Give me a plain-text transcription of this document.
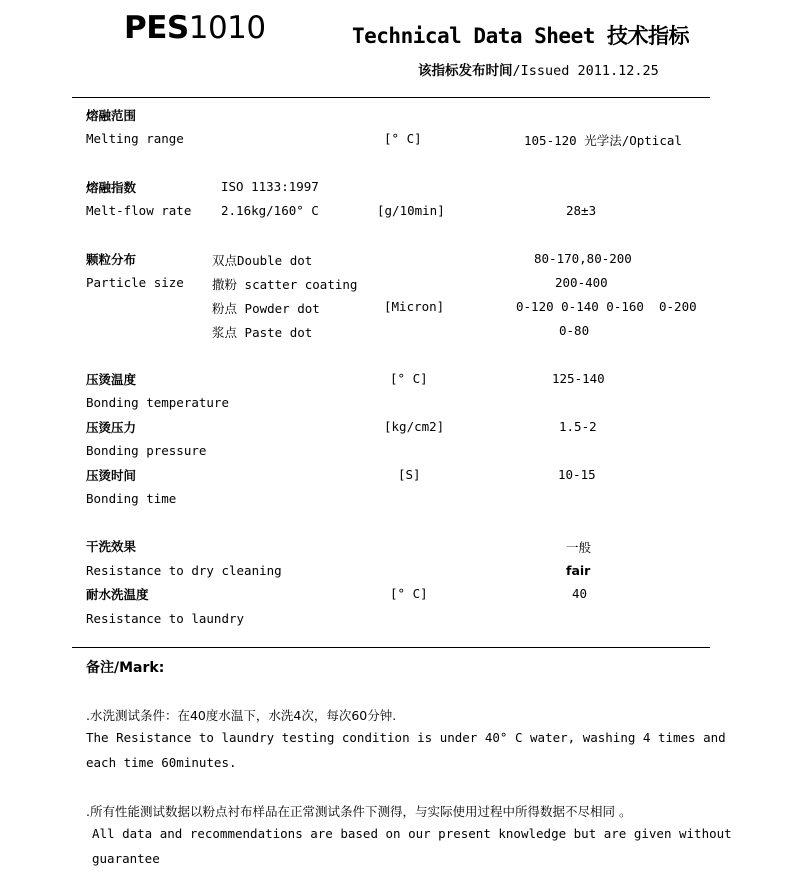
PES1010	Technical Data Sheet 技术指标
该指标发布时间/Issued 2011.12.25
熔融范围
Melting range	[° C]	105-120 光学法/Optical
熔融指数	ISO 1133:1997
Melt-flow rate 2.16kg/160° C	[g/10min]	28±3
颗粒分布
Particle size
[Micron]
双点Double dot	80-170,80-200
撒粉 scatter coating	200-400
粉点 Powder dot	0-120 0-140 0-160  0-200
浆点 Paste dot	0-80
压烫温度	[° C]	125-140
Bonding temperature
压烫压力	[kg/cm2]	1.5-2
Bonding pressure
压烫时间	[S]	10-15
Bonding time
干洗效果	一般
Resistance to dry cleaning	fair
耐水洗温度	[° C]	40
Resistance to laundry
备注/Mark:
.水洗测试条件：在40度水温下，水洗4次，每次60分钟.
The Resistance to laundry testing condition is under 40° C water, washing 4 times and
each time 60minutes.
.所有性能测试数据以粉点衬布样品在正常测试条件下测得，与实际使用过程中所得数据不尽相同 。
All data and recommendations are based on our present knowledge but are given without
guarantee
